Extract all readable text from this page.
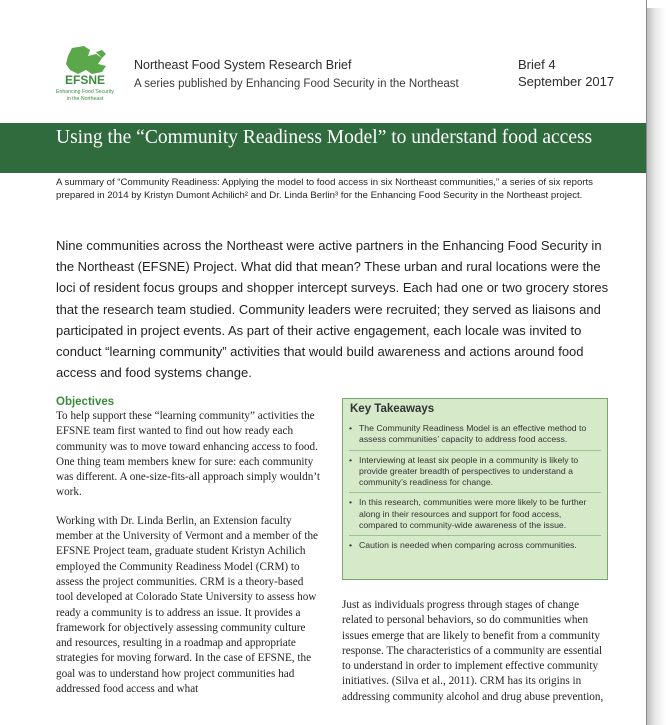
EFSNE
Enhancing Food Security
in the Northeast
Northeast Food System Research Brief
A series published by Enhancing Food Security in the Northeast
Brief 4
September 2017
Using the “Community Readiness Model” to understand food access
A summary of “Community Readiness: Applying the model to food access in six Northeast communities,” a series of six reports prepared in 2014 by Kristyn Dumont Achilich² and Dr. Linda Berlin³ for the Enhancing Food Security in the Northeast project.
Nine communities across the Northeast were active partners in the Enhancing Food Security in the Northeast (EFSNE) Project. What did that mean? These urban and rural locations were the loci of resident focus groups and shopper intercept surveys. Each had one or two grocery stores that the research team studied. Community leaders were recruited; they served as liaisons and participated in project events. As part of their active engagement, each locale was invited to conduct “learning community” activities that would build awareness and actions around food access and food systems change.
Objectives

To help support these “learning community” activities the EFSNE team first wanted to find out how ready each community was to move toward enhancing access to food. One thing team members knew for sure: each community was different. A one-size-fits-all approach simply wouldn’t work.

Working with Dr. Linda Berlin, an Extension faculty member at the University of Vermont and a member of the EFSNE Project team, graduate student Kristyn Achilich employed the Community Readiness Model (CRM) to assess the project communities. CRM is a theory-based tool developed at Colorado State University to assess how ready a community is to address an issue. It provides a framework for objectively assessing community culture and resources, resulting in a roadmap and appropriate strategies for moving forward. In the case of EFSNE, the goal was to understand how project communities had addressed food access and what

Key Takeaways
• The Community Readiness Model is an effective method to assess communities’ capacity to address food access.
• Interviewing at least six people in a community is likely to provide greater breadth of perspectives to understand a community’s readiness for change.
• In this research, communities were more likely to be further along in their resources and support for food access, compared to community-wide awareness of the issue.
• Caution is needed when comparing across communities.

Just as individuals progress through stages of change related to personal behaviors, so do communities when issues emerge that are likely to benefit from a community response. The characteristics of a community are essential to understand in order to implement effective community initiatives. (Silva et al., 2011). CRM has its origins in addressing community alcohol and drug abuse prevention,
